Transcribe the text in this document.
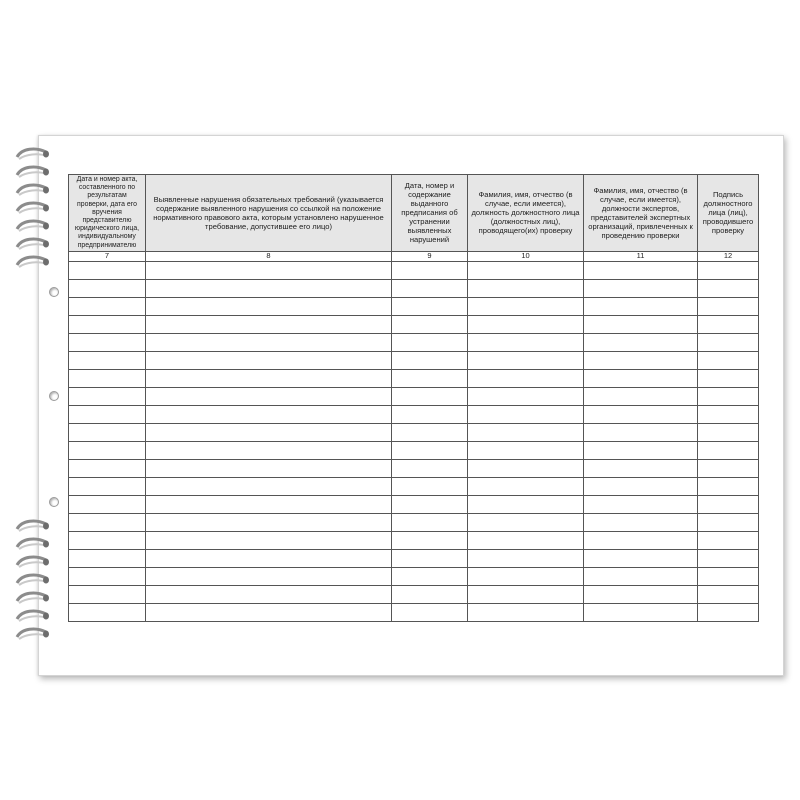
Дата и номер акта, составленного по результатам проверки, дата его вручения представителю юридического лица, индивидуальному предпринимателю	Выявленные нарушения обязательных требований (указывается содержание выявленного нарушения со ссылкой на положение нормативного правового акта, которым установлено нарушенное требование, допустившее его лицо)	Дата, номер и содержание выданного предписания об устранении выявленных нарушений	Фамилия, имя, отчество (в случае, если имеется), должность должностного лица (должностных лиц), проводящего(их) проверку	Фамилия, имя, отчество (в случае, если имеется), должности экспертов, представителей экспертных организаций, привлеченных к проведению проверки	Подпись должностного лица (лиц), проводившего проверку
7	8	9	10	11	12
